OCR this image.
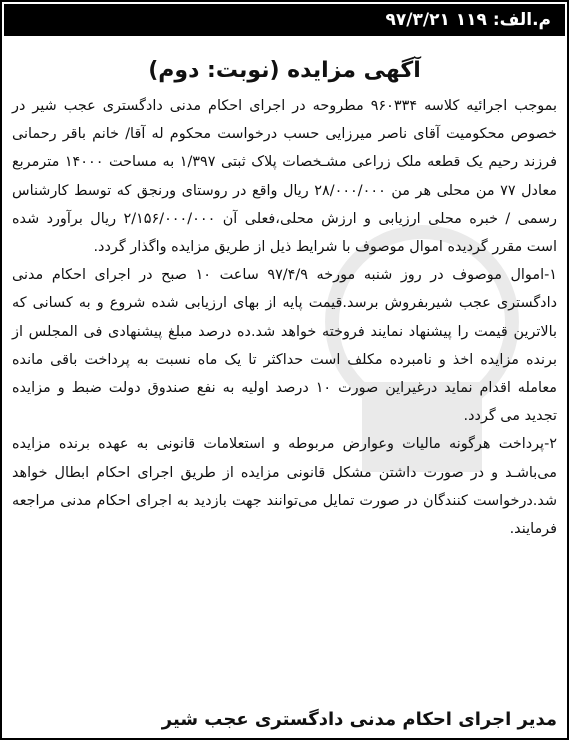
م.الف: ۱۱۹ ۹۷/۳/۲۱
آگهی مزایده (نوبت: دوم)

بموجب اجرائیه کلاسه ۹۶۰۳۳۴ مطروحه در اجرای احکام مدنی دادگستری عجب شیر در خصوص محکومیت آقای ناصر میرزایی حسب درخواست محکوم له آقا/ خانم باقر رحمانی فرزند رحیم یک قطعه ملک زراعی مشـخصات پلاک ثبتی ۱/۳۹۷ به مساحت ۱۴۰۰۰ مترمربع معادل ۷۷ من محلی هر من ۲۸/۰۰۰/۰۰۰ ریال واقع در روستای ورنجق که توسط کارشناس رسمی / خبره محلی ارزیابی و ارزش محلی،فعلی آن ۲/۱۵۶/۰۰۰/۰۰۰ ریال برآورد شده است مقرر گردیده اموال موصوف با شرایط ذیل از طریق مزایده واگذار گردد.

۱-اموال موصوف در روز شنبه مورخه ۹۷/۴/۹ ساعت ۱۰ صبح در اجرای احکام مدنی دادگستری عجب شیربفروش برسد.قیمت پایه از بهای ارزیابی شده شروع و به کسانی که بالاترین قیمت را پیشنهاد نمایند فروخته خواهد شد.ده درصد مبلغ پیشنهادی فی المجلس از برنده مزایده اخذ و نامبرده مکلف است حداکثر تا یک ماه نسبت به پرداخت باقی مانده معامله اقدام نماید درغیراین صورت ۱۰ درصد اولیه به نفع صندوق دولت ضبط و مزایده تجدید می گردد.

۲-پرداخت هرگونه مالیات وعوارض مربوطه و استعلامات قانونی به عهده برنده مزایده می‌باشـد و در صورت داشتن مشکل قانونی مزایده از طریق اجرای احکام ابطال خواهد شد.درخواست کنندگان در صورت تمایل می‌توانند جهت بازدید به اجرای احکام مدنی مراجعه فرمایند.

مدیر اجرای احکام مدنی دادگستری عجب شیر
